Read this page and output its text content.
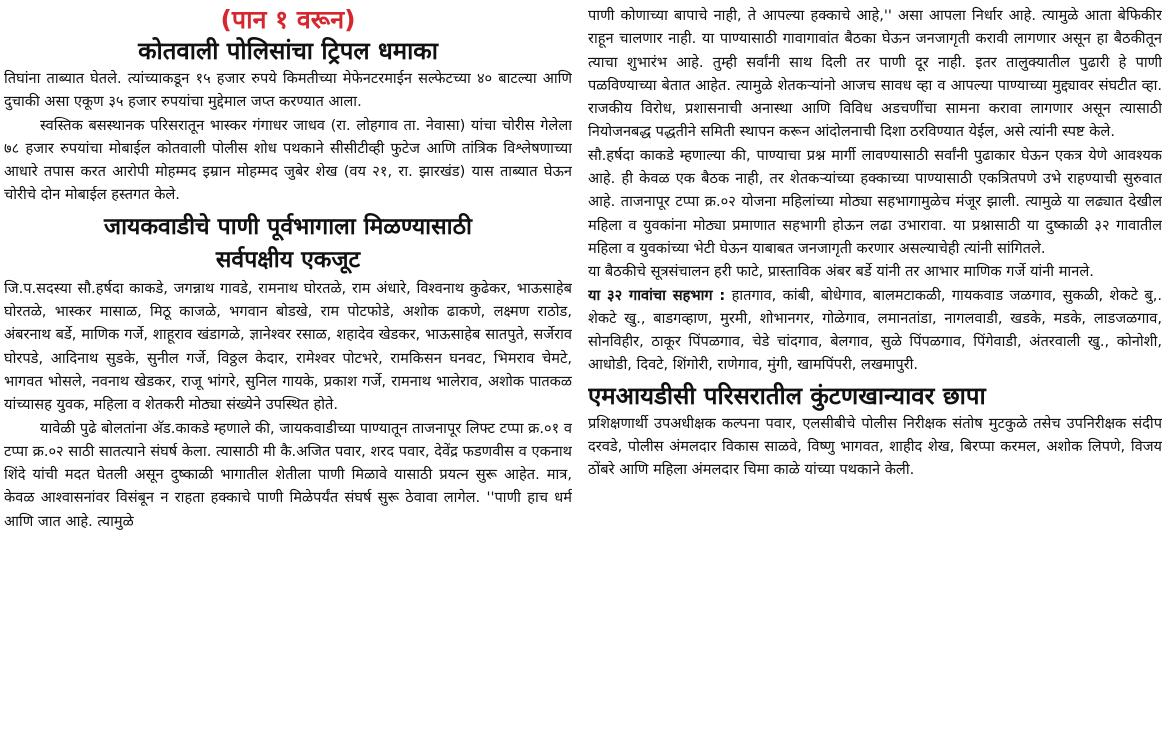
(पान १ वरून)

कोतवाली पोलिसांचा ट्रिपल धमाका

तिघांना ताब्यात घेतले. त्यांच्याकडून १५ हजार रुपये किमतीच्या मेफेनटरमाईन सल्फेटच्या ४० बाटल्या आणि दुचाकी असा एकूण ३५ हजार रुपयांचा मुद्देमाल जप्त करण्यात आला.

स्वस्तिक बसस्थानक परिसरातून भास्कर गंगाधर जाधव (रा. लोहगाव ता. नेवासा) यांचा चोरीस गेलेला ७८ हजार रुपयांचा मोबाईल कोतवाली पोलीस शोध पथकाने सीसीटीव्ही फुटेज आणि तांत्रिक विश्लेषणाच्या आधारे तपास करत आरोपी मोहम्मद इम्रान मोहम्मद जुबेर शेख (वय २१, रा. झारखंड) यास ताब्यात घेऊन चोरीचे दोन मोबाईल हस्तगत केले.

जायकवाडीचे पाणी पूर्वभागाला मिळण्यासाठी
सर्वपक्षीय एकजूट

जि.प.सदस्या सौ.हर्षदा काकडे, जगन्नाथ गावडे, रामनाथ घोरतळे, राम अंधारे, विश्वनाथ कुढेकर, भाऊसाहेब घोरतळे, भास्कर मासाळ, मिठू काजळे, भगवान बोडखे, राम पोटफोडे, अशोक ढाकणे, लक्ष्मण राठोड, अंबरनाथ बर्डे, माणिक गर्जे, शाहूराव खंडागळे, ज्ञानेश्वर रसाळ, शहादेव खेडकर, भाऊसाहेब सातपुते, सर्जेराव घोरपडे, आदिनाथ सुडके, सुनील गर्जे, विठ्ठल केदार, रामेश्वर पोटभरे, रामकिसन घनवट, भिमराव चेमटे, भागवत भोसले, नवनाथ खेडकर, राजू भांगरे, सुनिल गायके, प्रकाश गर्जे, रामनाथ भालेराव, अशोक पातकळ यांच्यासह युवक, महिला व शेतकरी मोठ्या संख्येने उपस्थित होते.

यावेळी पुढे बोलतांना अ‍ॅड.काकडे म्हणाले की, जायकवाडीच्या पाण्यातून ताजनापूर लिफ्ट टप्पा क्र.०१ व टप्पा क्र.०२ साठी सातत्याने संघर्ष केला. त्यासाठी मी कै.अजित पवार, शरद पवार, देवेंद्र फडणवीस व एकनाथ शिंदे यांची मदत घेतली असून दुष्काळी भागातील शेतीला पाणी मिळावे यासाठी प्रयत्न सुरू आहेत. मात्र, केवळ आश्वासनांवर विसंबून न राहता हक्काचे पाणी मिळेपर्यंत संघर्ष सुरू ठेवावा लागेल. ''पाणी हाच धर्म आणि जात आहे. त्यामुळे

पाणी कोणाच्या बापाचे नाही, ते आपल्या हक्काचे आहे,'' असा आपला निर्धार आहे. त्यामुळे आता बेफिकीर राहून चालणार नाही. या पाण्यासाठी गावागावांत बैठका घेऊन जनजागृती करावी लागणार असून हा बैठकीतून त्याचा शुभारंभ आहे. तुम्ही सर्वांनी साथ दिली तर पाणी दूर नाही. इतर तालुक्यातील पुढारी हे पाणी पळविण्याच्या बेतात आहेत. त्यामुळे शेतकऱ्यांनो आजच सावध व्हा व आपल्या पाण्याच्या मुद्द्यावर संघटीत व्हा. राजकीय विरोध, प्रशासनाची अनास्था आणि विविध अडचणींचा सामना करावा लागणार असून त्यासाठी नियोजनबद्ध पद्धतीने समिती स्थापन करून आंदोलनाची दिशा ठरविण्यात येईल, असे त्यांनी स्पष्ट केले.

सौ.हर्षदा काकडे म्हणाल्या की, पाण्याचा प्रश्न मार्गी लावण्यासाठी सर्वांनी पुढाकार घेऊन एकत्र येणे आवश्यक आहे. ही केवळ एक बैठक नाही, तर शेतकऱ्यांच्या हक्काच्या पाण्यासाठी एकत्रितपणे उभे राहण्याची सुरुवात आहे. ताजनापूर टप्पा क्र.०२ योजना महिलांच्या मोठ्या सहभागामुळेच मंजूर झाली. त्यामुळे या लढ्यात देखील महिला व युवकांना मोठ्या प्रमाणात सहभागी होऊन लढा उभारावा. या प्रश्नासाठी या दुष्काळी ३२ गावातील महिला व युवकांच्या भेटी घेऊन याबाबत जनजागृती करणार असल्याचेही त्यांनी सांगितले.

या बैठकीचे सूत्रसंचालन हरी फाटे, प्रास्ताविक अंबर बर्डे यांनी तर आभार माणिक गर्जे यांनी मानले.

या ३२ गावांचा सहभाग : हातगाव, कांबी, बोधेगाव, बालमटाकळी, गायकवाड जळगाव, सुकळी, शेकटे बु,. शेकटे खु., बाडगव्हाण, मुरमी, शोभानगर, गोळेगाव, लमानतांडा, नागलवाडी, खडके, मडके, लाडजळगाव, सोनविहीर, ठाकूर पिंपळगाव, चेडे चांदगाव, बेलगाव, सुळे पिंपळगाव, पिंगेवाडी, अंतरवाली खु., कोनोशी, आधोडी, दिवटे, शिंगोरी, राणेगाव, मुंगी, खामपिंपरी, लखमापुरी.

एमआयडीसी परिसरातील कुंटणखान्यावर छापा

प्रशिक्षणार्थी उपअधीक्षक कल्पना पवार, एलसीबीचे पोलीस निरीक्षक संतोष मुटकुळे तसेच उपनिरीक्षक संदीप दरवडे, पोलीस अंमलदार विकास साळवे, विष्णु भागवत, शाहीद शेख, बिरप्पा करमल, अशोक लिपणे, विजय ठोंबरे आणि महिला अंमलदार चिमा काळे यांच्या पथकाने केली.
